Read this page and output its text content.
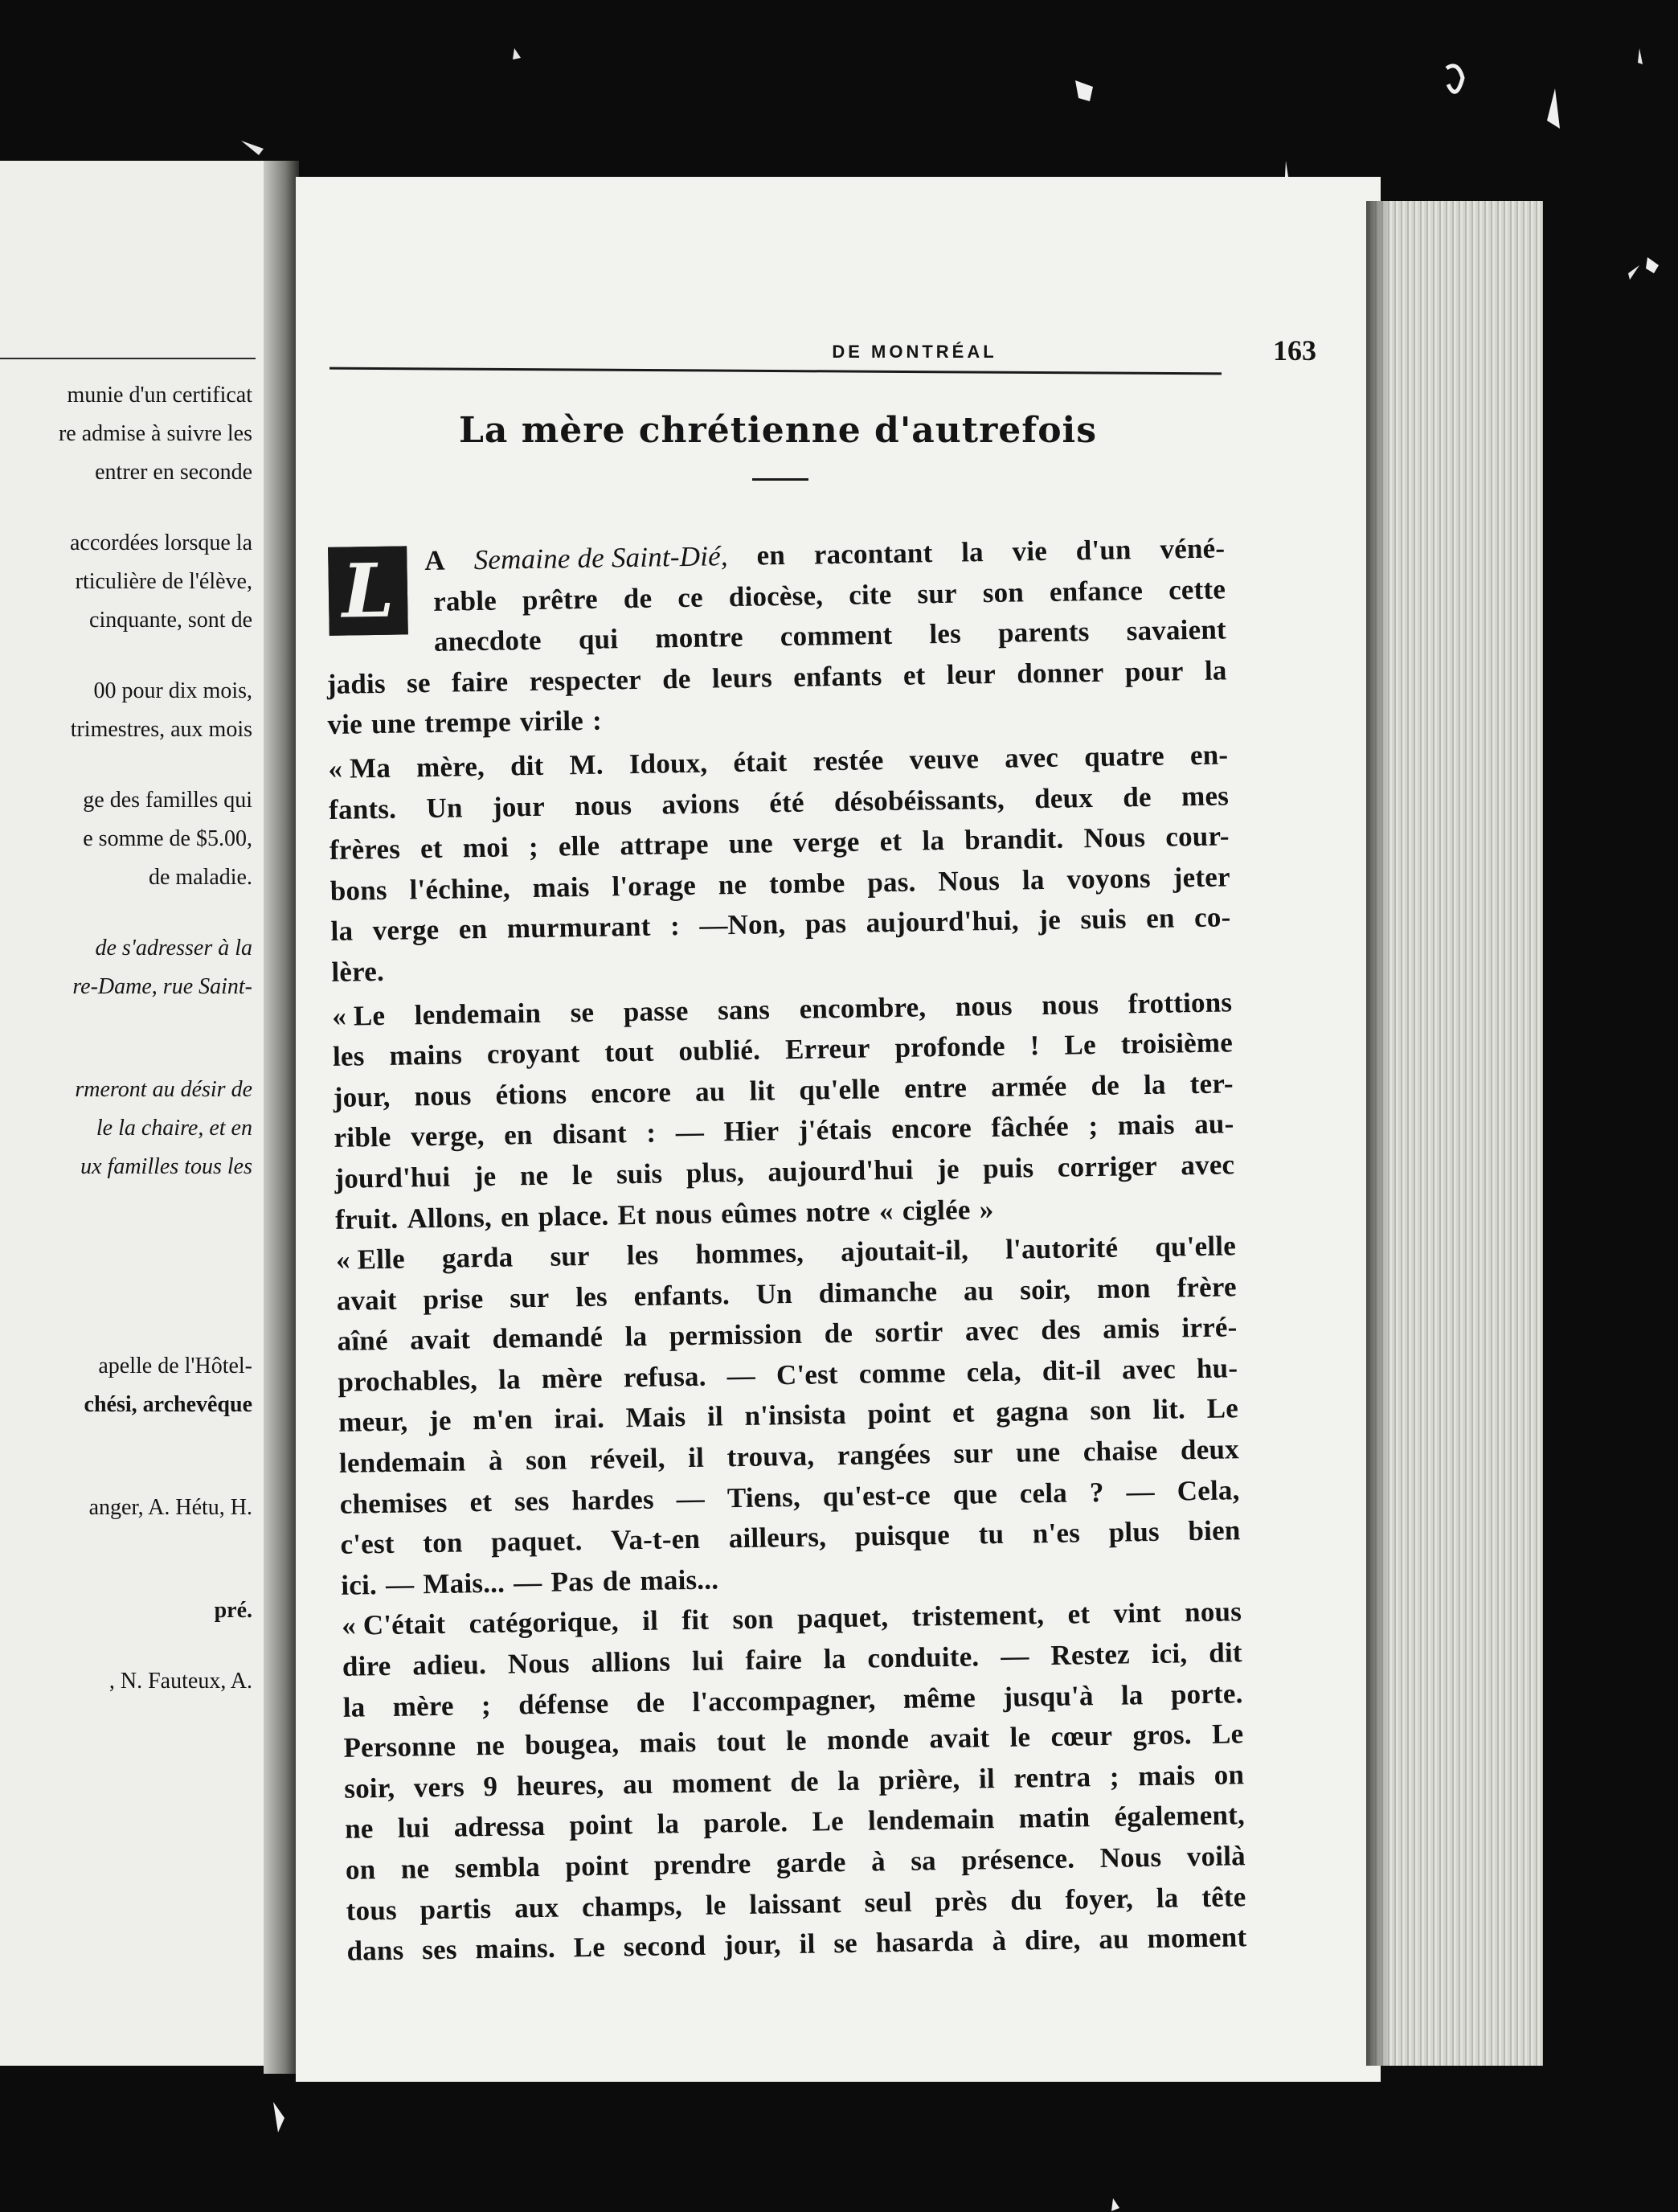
munie d'un certificat
re admise à suivre les
entrer en seconde
accordées lorsque la
rticulière de l'élève,
cinquante, sont de
00 pour dix mois,
trimestres, aux mois
ge des familles qui
e somme de $5.00,
de maladie.
de s'adresser à la
re-Dame, rue Saint-
rmeront au désir de
le la chaire, et en
ux familles tous les
apelle de l'Hôtel-
chési, archevêque
anger, A. Hétu, H.
pré.
, N. Fauteux, A.
DE MONTRÉAL	163
La mère chrétienne d'autrefois
L A Semaine de Saint-Dié, en racontant la vie d'un véné-
rable prêtre de ce diocèse, cite sur son enfance cette
anecdote qui montre comment les parents savaient
jadis se faire respecter de leurs enfants et leur donner pour la
vie une trempe virile :
« Ma mère, dit M. Idoux, était restée veuve avec quatre en-
fants. Un jour nous avions été désobéissants, deux de mes
frères et moi ; elle attrape une verge et la brandit. Nous cour-
bons l'échine, mais l'orage ne tombe pas. Nous la voyons jeter
la verge en murmurant : —Non, pas aujourd'hui, je suis en co-
lère.
« Le lendemain se passe sans encombre, nous nous frottions
les mains croyant tout oublié. Erreur profonde ! Le troisième
jour, nous étions encore au lit qu'elle entre armée de la ter-
rible verge, en disant : — Hier j'étais encore fâchée ; mais au-
jourd'hui je ne le suis plus, aujourd'hui je puis corriger avec
fruit. Allons, en place. Et nous eûmes notre « ciglée »
« Elle garda sur les hommes, ajoutait-il, l'autorité qu'elle
avait prise sur les enfants. Un dimanche au soir, mon frère
aîné avait demandé la permission de sortir avec des amis irré-
prochables, la mère refusa. — C'est comme cela, dit-il avec hu-
meur, je m'en irai. Mais il n'insista point et gagna son lit. Le
lendemain à son réveil, il trouva, rangées sur une chaise deux
chemises et ses hardes — Tiens, qu'est-ce que cela ? — Cela,
c'est ton paquet. Va-t-en ailleurs, puisque tu n'es plus bien
ici. — Mais... — Pas de mais...
« C'était catégorique, il fit son paquet, tristement, et vint nous
dire adieu. Nous allions lui faire la conduite. — Restez ici, dit
la mère ; défense de l'accompagner, même jusqu'à la porte.
Personne ne bougea, mais tout le monde avait le cœur gros. Le
soir, vers 9 heures, au moment de la prière, il rentra ; mais on
ne lui adressa point la parole. Le lendemain matin également,
on ne sembla point prendre garde à sa présence. Nous voilà
tous partis aux champs, le laissant seul près du foyer, la tête
dans ses mains. Le second jour, il se hasarda à dire, au moment
